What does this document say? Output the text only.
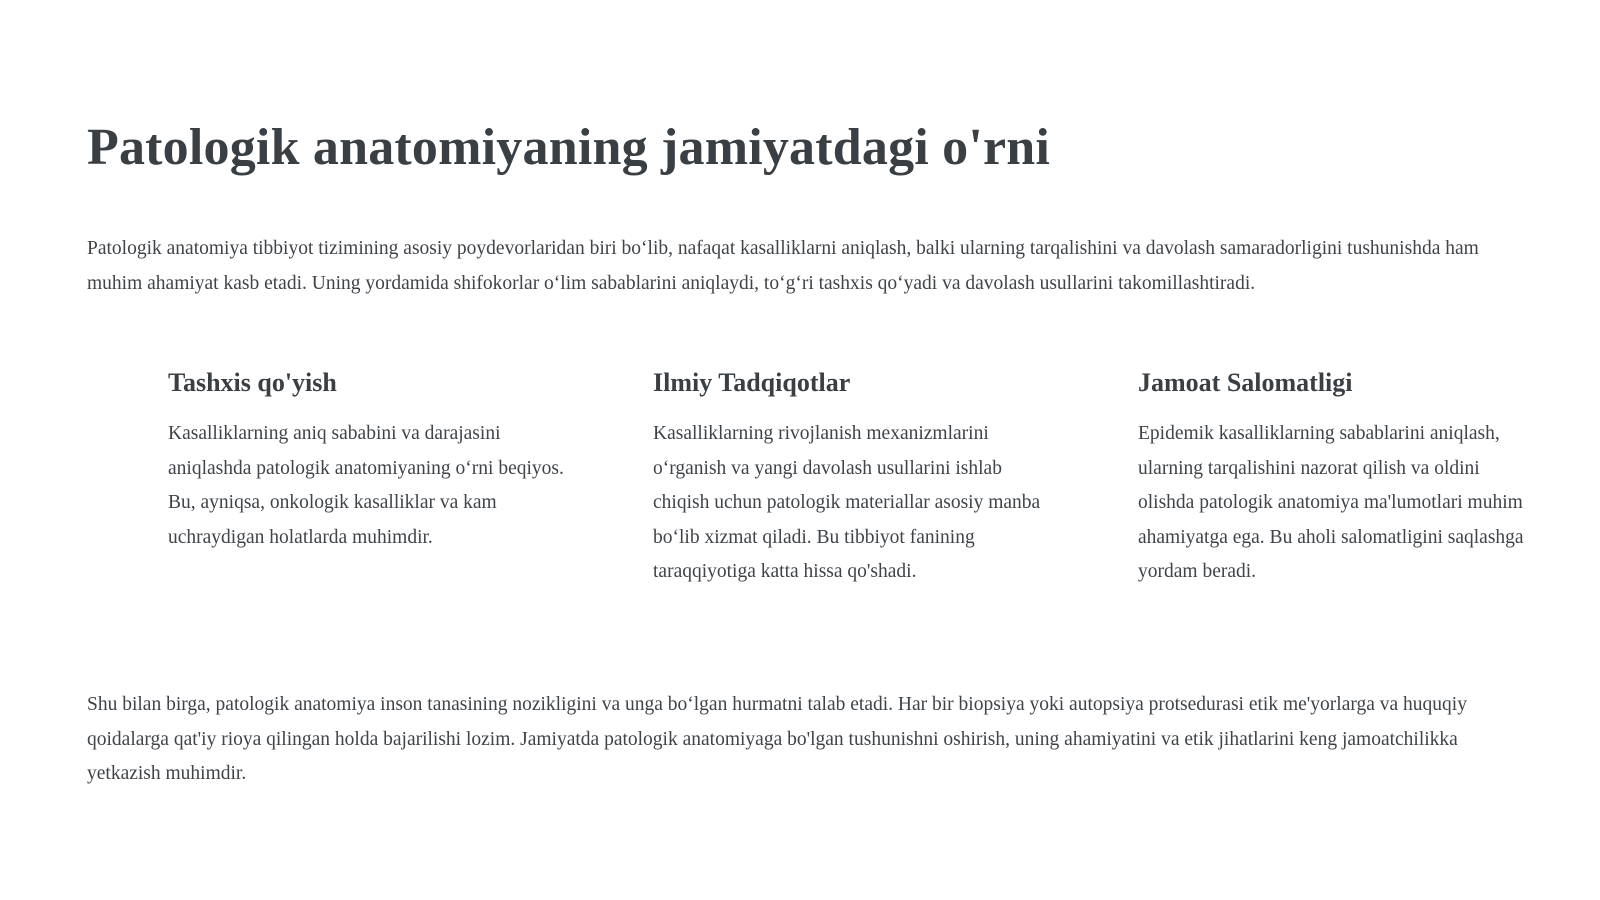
Patologik anatomiyaning jamiyatdagi o'rni

Patologik anatomiya tibbiyot tizimining asosiy poydevorlaridan biri bo‘lib, nafaqat kasalliklarni aniqlash, balki ularning tarqalishini va davolash samaradorligini tushunishda ham muhim ahamiyat kasb etadi. Uning yordamida shifokorlar o‘lim sabablarini aniqlaydi, to‘g‘ri tashxis qo‘yadi va davolash usullarini takomillashtiradi.

Tashxis qo'yish

Kasalliklarning aniq sababini va darajasini aniqlashda patologik anatomiyaning o‘rni beqiyos. Bu, ayniqsa, onkologik kasalliklar va kam uchraydigan holatlarda muhimdir.

Ilmiy Tadqiqotlar

Kasalliklarning rivojlanish mexanizmlarini o‘rganish va yangi davolash usullarini ishlab chiqish uchun patologik materiallar asosiy manba bo‘lib xizmat qiladi. Bu tibbiyot fanining taraqqiyotiga katta hissa qo'shadi.

Jamoat Salomatligi

Epidemik kasalliklarning sabablarini aniqlash, ularning tarqalishini nazorat qilish va oldini olishda patologik anatomiya ma'lumotlari muhim ahamiyatga ega. Bu aholi salomatligini saqlashga yordam beradi.

Shu bilan birga, patologik anatomiya inson tanasining nozikligini va unga bo‘lgan hurmatni talab etadi. Har bir biopsiya yoki autopsiya protsedurasi etik me'yorlarga va huquqiy qoidalarga qat'iy rioya qilingan holda bajarilishi lozim. Jamiyatda patologik anatomiyaga bo'lgan tushunishni oshirish, uning ahamiyatini va etik jihatlarini keng jamoatchilikka yetkazish muhimdir.
